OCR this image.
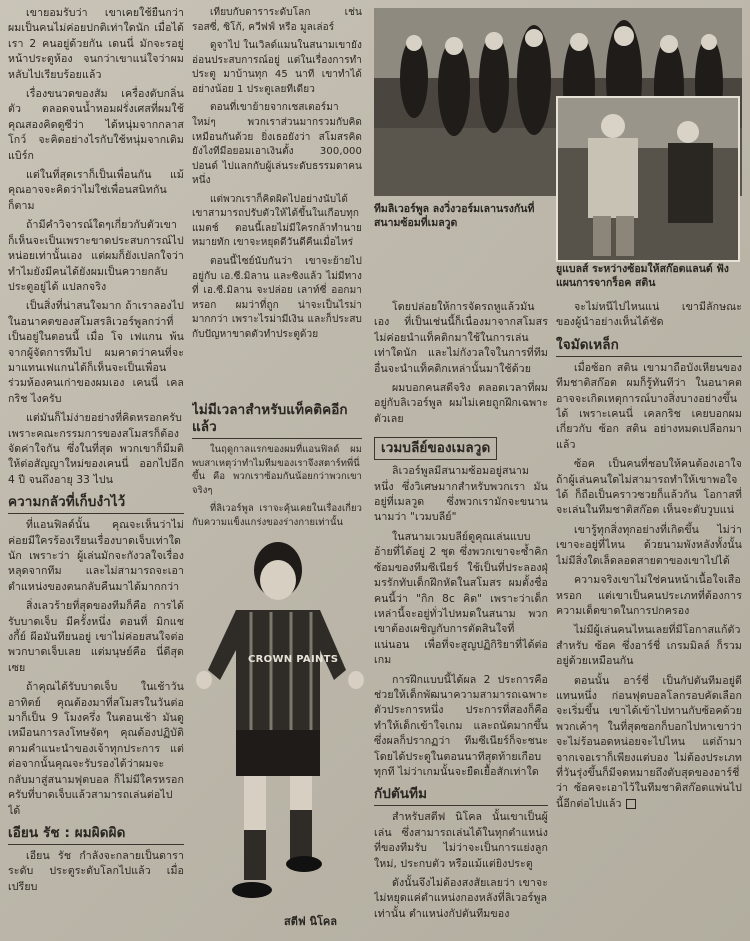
เขายอมรับว่า เขาเคยใช้ยืนกว่า ผมเป็นคนไม่ค่อยปกติเท่าใดนัก เมื่อได้เรา 2 คนอยู่ด้วยกัน เดนนี่ มักจะรอยู่หน้าประตูห้อง จนกว่าเขาแน่ใจว่าผมหลับไปเรียบร้อยแล้ว

เรื่องขนวดของสัม เครื่องดับกลิ่นตัว ตลอดจนน้ำหอมฝรั่งเศสที่ผมใช้ คุณสองคิดดูซีว่า ได้หนุ่มจากกลาสโกว์ จะคิดอย่างไรกับใช้หนุ่มจากเดิมแบิร์ก

แต่ในที่สุดเราก็เป็นเพื่อนกัน แม้คุณอาจจะคิดว่าไม่ใช่เพื่อนสนิทกันก็ตาม

ถ้ามีคำวิจารณ์ใดๆเกี่ยวกับตัวเขา ก็เห็นจะเป็นเพราะขาดประสบการณ์ไปหน่อยเท่านั้นเอง แต่ผมก็ยังเปลกใจว่า ทำไมยังมีคนได้ยังผมเป็นควายกลับประตูอยู่ได้ แปลกจริง

เป็นสิ่งที่น่าสนใจมาก ถ้าเราลองไปในอนาคตของสโมสรลิเวอร์พูลกว่าที่เป็นอยู่ในตอนนี้ เมื่อ โจ เฟแกน พ้นจากผู้จัดการทีมไป ผมคาดว่าคนที่จะมาแทนเฟแกนได้ก็เห็นจะเป็นเพื่อนร่วมห้องคนเก่าของผมเอง เคนนี่ เคลกริช ไงครับ

แต่มันก็ไม่ง่ายอย่างที่คิดหรอกครับ เพราะคณะกรรมการของสโมสรก็ต้องจัดค่าใจกัน ซึ่งในที่สุด พวกเขาก็มีมติให้ต่อสัญญาใหม่ของเคนนี่ ออกไปอีก 4 ปี จนถึงอายุ 33 ไปน

ความกลัวที่เก็บงำไว้

ที่แอนฟิลด์นั้น คุณจะเห็นว่าไม่ค่อยมีใครร้องเรียนเรื่องบาดเจ็บเท่าใดนัก เพราะว่า ผู้เล่นมักจะกังวลใจเรื่องหลุดจากทีม และไม่สามารถจะเอาตำแหน่งของตนกลับคืนมาได้มากกว่า

สิ่งเลวร้ายที่สุดของทีมก็คือ การได้รับบาดเจ็บ มีครั้งหนึ่ง ตอนที่ มิกแชงกี้ย์ ผีอมันทียนอยู่ เขาไม่ค่อยสนใจต่อพวกบาดเจ็บเลย แต่มนุษย์คือ นี่ดีสุดเซย

ถ้าคุณได้รับบาดเจ็บ ในเช้าวันอาทิตย์ คุณต้องมาที่สโมสรในวันต่อมาก็เป็น 9 โมงครึ่ง ในตอนเช้า มันดูเหมือนการลงโทษจัดๆ คุณต้องปฏิบัติตามคำแนะนำของเจ้าทุกประการ แต่ต่อจากนั้นคุณจะรับรองได้ว่าผมจะกลับมาสู่สนามฟุตบอล ก็ไม่มีใครหรอกครับที่บาดเจ็บแล้วสามารถเล่นต่อไปได้

เอียน รัช : ผมผิดผิด

เอียน รัช กำลังจะกลายเป็นดาราระดับ ประตูระดับโลกไปแล้ว เมื่อเปรียบ

เทียบกับดาราระดับโลก เช่น รอสซี่, ซิโก้, ควีฟฟ์ หรือ มูลเล่อร์

ดูจาไป ในเวิลด์แมนในสนามเขายังอ่อนประสบการณ์อยู่ แต่ในเรื่องการทำประตู มาบ้านทุก 45 นาที เขาทำได้อย่างน้อย 1 ประตูเลยทีเดียว

ตอนที่เขาย้ายจากเชสเตอร์มาใหม่ๆ พวกเราส่วนมากรวมกับคิดเหมือนกันด้วย ยิ่งเธอยังว่า สโมสรคิดยังไงทีมีอยอมเอาเงินตั้ง 300,000 ปอนด์ ไปแลกกับผู้เล่นระดับธรรมดาคนหนึ่ง

แต่พวกเราก็คิดผิดไปอย่างนับได้ เขาสามารถปรับตัวให้ได้ขึ้นในเกือบทุกแมตช์ ตอนนี้เลยไม่มีใครกล้าทำนายหมายทัก เขาจะหยุดดีวันดีคืนเมื่อไหร่

ตอนนี้ไซย์นับกันว่า เขาจะย้ายไปอยู่กับ เอ.ซี.มิลาน และซิงแล้ว ไม่มีทางที่ เอ.ซี.มิลาน จะปล่อย เลาท์ซี่ ออกมาหรอก ผมว่าที่ถูก น่าจะเป็นไรม่ามากกว่า เพราะไรม่ามีเงิน และก็ประสบกับปัญหาขาดตัวทำประตูด้วย

ไม่มีเวลาสำหรับแท็คติคอีกแล้ว

ในฤดูกาลแรกของผมที่แอนฟิลด์ ผมพบสาเหตุว่าทำไมทีมของเราจึงสตาร์ทพี่นี่ขึ้น คือ พวกเราซ้อมกันน้อยกว่าพวกเขาจริงๆ

ที่ลิเวอร์พูล เราจะคุ้นเคยในเรื่องเกี่ยวกับความแข็งแกร่งของร่างกายเท่านั้น

ทีมลิเวอร์พูล ลงวิ่งวอร์มเลานรงกันที่สนามซ้อมที่เมลวูด
ยูแบลส์ ระหว่างซ้อมให้สก๊อตแลนด์ ฟังแผนการจากร็อค สติน
CROWN PAINTS
สตีฟ นิโคล

โดยปล่อยให้การจัดรถหูแล้วมันเอง ที่เป็นเช่นนี้ก็เนื่องมาจากสโมสรไม่ค่อยนำแท็คติกมาใช้ในการเล่นเท่าใดนัก และไม่กังวลใจในการที่ทีมอื่นจะนำแท็คติกเหล่านั้นมาใช้ด้วย

ผมบอกคนสดีจริง ตลอดเวลาที่ผมอยู่กับลิเวอร์พูล ผมไม่เคยถูกฝึกเฉพาะตัวเลย

เวมบลีย์ของเมลวูด

ลิเวอร์พูลมีสนามซ้อมอยู่สนามหนึ่ง ซึ่งวิเศษมากสำหรับพวกเรา มันอยู่ที่เมลวูด ซึ่งพวกเรามักจะขนานนามว่า "เวมบลีย์"

ในสนามเวมบลีย์ดูคุณเล่นแบบอ้ายที่ได้อยู่ 2 ชุด ซึ่งพวกเขาจะซ้ำคิกซ้อมของทีมซีเนียร์ ใช้เป็นที่ประลองฝุ่มรรักทับเด็กฝึกหัดในสโมสร ผมตั้งชื่อคนนี้ว่า "กิก 8c คิด" เพราะว่าเด็กเหล่านี้จะอยู่ทั่วไปหมดในสนาม พวกเขาต้องเผชิญกับการตัดสินใจที่แน่นอน เพื่อที่จะสูญปฏิกิริยาที่ได้ต่อเกม

การฝึกแบบนี้ได้ผล 2 ประการคือ ช่วยให้เด็กพัฒนาความสามารถเฉพาะตัวประการหนึ่ง ประการที่สองก็คือ ทำให้เด็กเข้าใจเกม และถนัดมากขึ้น ซึ่งผลก็ปรากฏว่า ทีมซีเนียร์ก็จะชนะโดยได้ประตูในตอนนาทีสุดท้ายเกือบทุกที ไม่ว่าเกมนั้นจะยืดเยื้อสักเท่าใด

กัปตันทีม

สำหรับสตีฟ นิโคล นั้นเขาเป็นผู้เล่น ซึ่งสามารถเล่นได้ในทุกตำแหน่งที่ของทีมรับ ไม่ว่าจะเป็นการแย่งลูก ใหม่, ประกบตัว หรือแม้แต่ยิงประตู

ดังนั้นจึงไม่ต้องสงสัยเลยว่า เขาจะไม่หยุดแค่ตำแหน่งกองหลังที่ลิเวอร์พูลเท่านั้น ตำแหน่งกัปตันทีมของ

จะไม่หนีไปไหนแน่ เขามีลักษณะของผู้นำอย่างเห็นได้ชัด

ใจมัดเหล็ก

เมื่อซ้อก สติน เขามาถือบังเหียนของทีมชาติสก๊อต ผมก็รู้ทันทีว่า ในอนาคตอาจจะเกิดเหตุการณ์บางสิ่งบางอย่างขึ้นได้ เพราะเคนนี่ เคลกริช เคยบอกผมเกี่ยวกับ ซ้อก สติน อย่างหมดเปลือกมาแล้ว

ซ้อค เป็นคนที่ชอบให้คนต้องเอาใจ ถ้าผู้เล่นคนใดไม่สามารถทำให้เขาพอใจได้ ก็ถือเป็นคราวซวยก็แล้วกัน โอกาสที่จะเล่นในทีมชาติสก๊อต เห็นจะดับวูบแน่

เขารู้ทุกสิ่งทุกอย่างที่เกิดขึ้น ไม่ว่าเขาจะอยู่ที่ไหน ด้วยนามพังหลังทั้งนั้นไม่มีสิ่งใดเล็ดลอดสายตาของเขาไปได้

ความจริงเขาไม่ใช่คนหน้าเนื้อใจเสือหรอก แต่เขาเป็นคนประเภทที่ต้องการความเด็ดขาดในการปกครอง

ไม่มีผู้เล่นคนไหนเลยที่มีโอกาสแก้ตัว สำหรับ ซ้อค ซึ่งอาร์ชี่ เกรมมิลล์ ก็รวมอยู่ด้วยเหมือนกัน

ตอนนั้น อาร์ชี่ เป็นกัปตันทีมอยู่ดีแทนหนึ่ง ก่อนฟุตบอลโลกรอบคัดเลือกจะเริ่มขึ้น เขาได้เข้าไปทานกับซ้อคด้วย พวกเค้าๆ ในที่สุดซอกก็บอกไปหาเขาว่าจะไม่ร้อนอดหน่อยจะไปไหน แต่ถ้ามาจากเจอเราก็เพียงแต่บอง ไม่ต้องประเภทที่วันรุ่งขึ้นก็มีจดหมายถึงตับสุดของอาร์ชี่ว่า ซ้อคจะเอาไว้ในทีมชาติสก๊อตแพ่นไปนี้อีกต่อไปแล้ว
